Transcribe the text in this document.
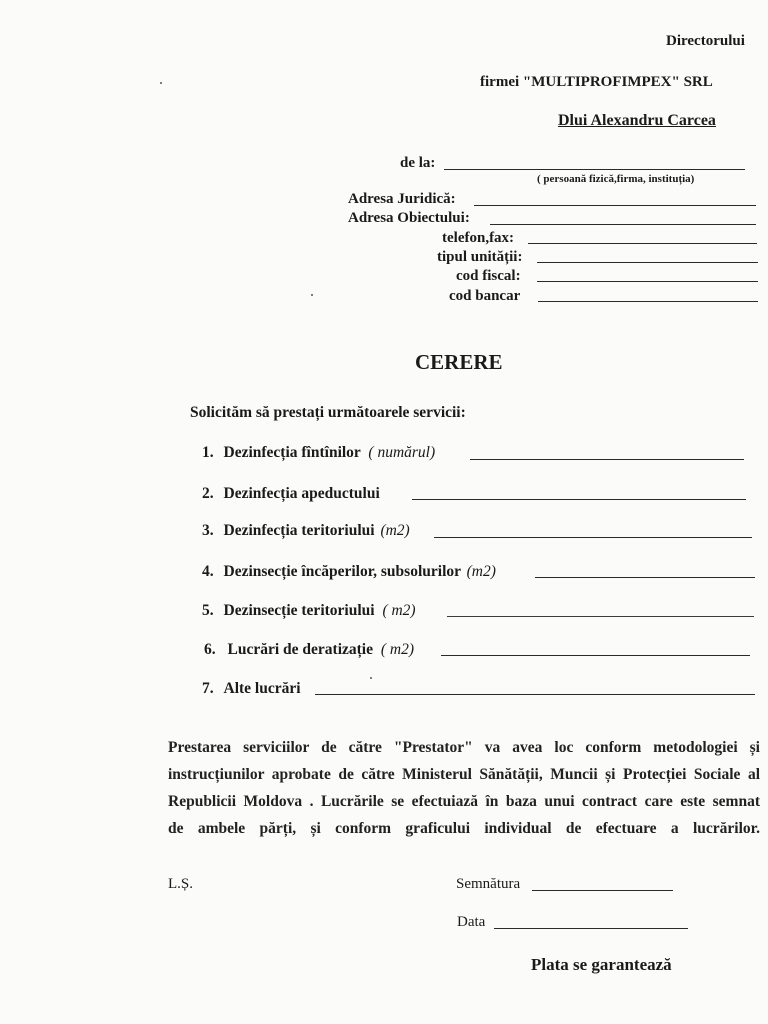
Directorului
firmei "MULTIPROFIMPEX" SRL
Dlui Alexandru Carcea
de la:
( persoană fizică,firma, instituția)
Adresa Juridică:
Adresa Obiectului:
telefon,fax:
tipul unității:
cod fiscal:
cod bancar
CERERE
Solicităm să prestați următoarele servicii:
1. Dezinfecția fîntînilor ( numărul)
2. Dezinfecția apeductului
3. Dezinfecția teritoriului (m2)
4. Dezinsecție încăperilor, subsolurilor (m2)
5. Dezinsecție teritoriului ( m2)
6. Lucrări de deratizație ( m2)
7. Alte lucrări
Prestarea serviciilor de către "Prestator" va avea loc conform metodologiei și
instrucțiunilor aprobate de către Ministerul Sănătății, Muncii și Protecției Sociale al
Republicii Moldova . Lucrările se efectuiază în baza unui contract care este semnat
de ambele părți, și conform graficului individual de efectuare a lucrărilor.
L.Ș.	Semnătura
Data
Plata se garantează
